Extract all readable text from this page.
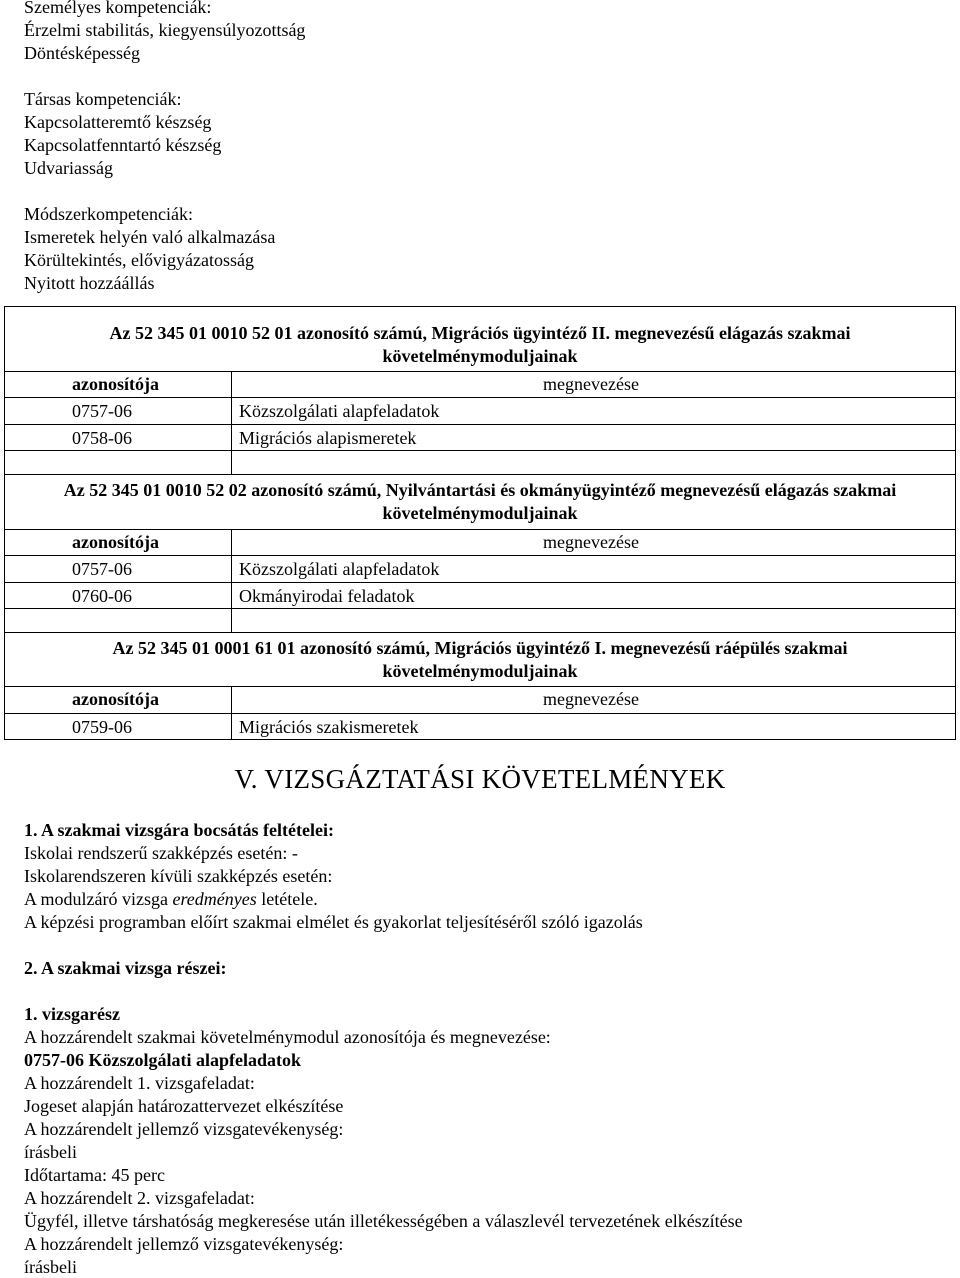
Személyes kompetenciák:
Érzelmi stabilitás, kiegyensúlyozottság
Döntésképesség
Társas kompetenciák:
Kapcsolatteremtő készség
Kapcsolatfenntartó készség
Udvariasság
Módszerkompetenciák:
Ismeretek helyén való alkalmazása
Körültekintés, elővigyázatosság
Nyitott hozzáállás
Az 52 345 01 0010 52 01 azonosító számú, Migrációs ügyintéző II. megnevezésű elágazás szakmai
követelménymoduljainak
azonosítója	megnevezése
0757-06	Közszolgálati alapfeladatok
0758-06	Migrációs alapismeretek
Az 52 345 01 0010 52 02 azonosító számú, Nyilvántartási és okmányügyintéző megnevezésű elágazás szakmai
követelménymoduljainak
azonosítója	megnevezése
0757-06	Közszolgálati alapfeladatok
0760-06	Okmányirodai feladatok
Az 52 345 01 0001 61 01 azonosító számú, Migrációs ügyintéző I. megnevezésű ráépülés szakmai
követelménymoduljainak
azonosítója	megnevezése
0759-06	Migrációs szakismeretek
V. VIZSGÁZTATÁSI KÖVETELMÉNYEK
1. A szakmai vizsgára bocsátás feltételei:
Iskolai rendszerű szakképzés esetén: -
Iskolarendszeren kívüli szakképzés esetén:
A modulzáró vizsga eredményes letétele.
A képzési programban előírt szakmai elmélet és gyakorlat teljesítéséről szóló igazolás
2. A szakmai vizsga részei:
1. vizsgarész
A hozzárendelt szakmai követelménymodul azonosítója és megnevezése:
0757-06 Közszolgálati alapfeladatok
A hozzárendelt 1. vizsgafeladat:
Jogeset alapján határozattervezet elkészítése
A hozzárendelt jellemző vizsgatevékenység:
írásbeli
Időtartama: 45 perc
A hozzárendelt 2. vizsgafeladat:
Ügyfél, illetve társhatóság megkeresése után illetékességében a válaszlevél tervezetének elkészítése
A hozzárendelt jellemző vizsgatevékenység:
írásbeli
